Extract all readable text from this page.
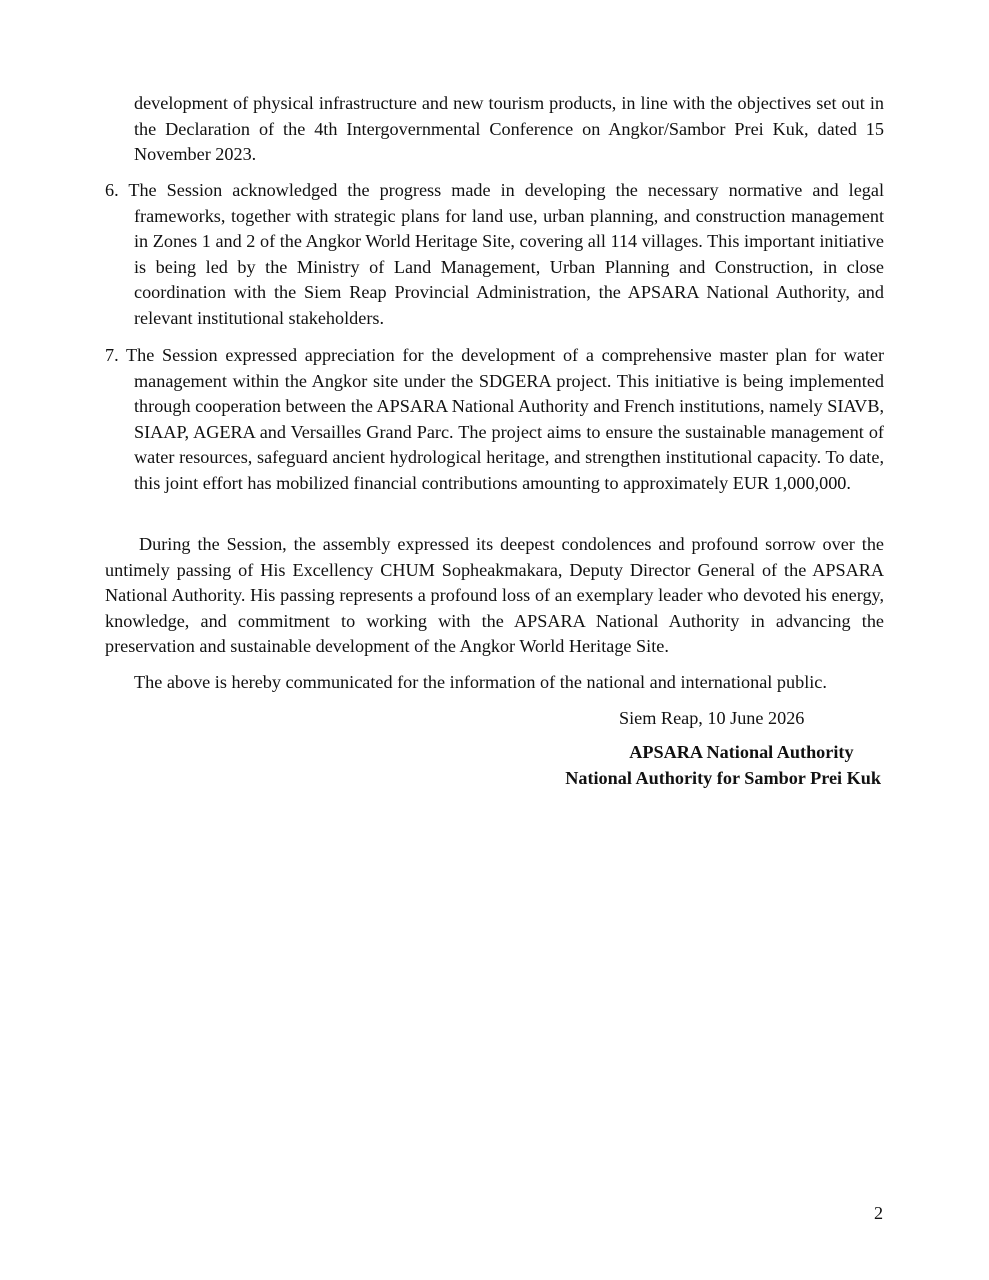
development of physical infrastructure and new tourism products, in line with the objectives set out in the Declaration of the 4th Intergovernmental Conference on Angkor/Sambor Prei Kuk, dated 15 November 2023.
6. The Session acknowledged the progress made in developing the necessary normative and legal frameworks, together with strategic plans for land use, urban planning, and construction management in Zones 1 and 2 of the Angkor World Heritage Site, covering all 114 villages. This important initiative is being led by the Ministry of Land Management, Urban Planning and Construction, in close coordination with the Siem Reap Provincial Administration, the APSARA National Authority, and relevant institutional stakeholders.
7. The Session expressed appreciation for the development of a comprehensive master plan for water management within the Angkor site under the SDGERA project. This initiative is being implemented through cooperation between the APSARA National Authority and French institutions, namely SIAVB, SIAAP, AGERA and Versailles Grand Parc. The project aims to ensure the sustainable management of water resources, safeguard ancient hydrological heritage, and strengthen institutional capacity. To date, this joint effort has mobilized financial contributions amounting to approximately EUR 1,000,000.
During the Session, the assembly expressed its deepest condolences and profound sorrow over the untimely passing of His Excellency CHUM Sopheakmakara, Deputy Director General of the APSARA National Authority. His passing represents a profound loss of an exemplary leader who devoted his energy, knowledge, and commitment to working with the APSARA National Authority in advancing the preservation and sustainable development of the Angkor World Heritage Site.
The above is hereby communicated for the information of the national and international public.
Siem Reap, 10 June 2026
APSARA National Authority
National Authority for Sambor Prei Kuk
2
